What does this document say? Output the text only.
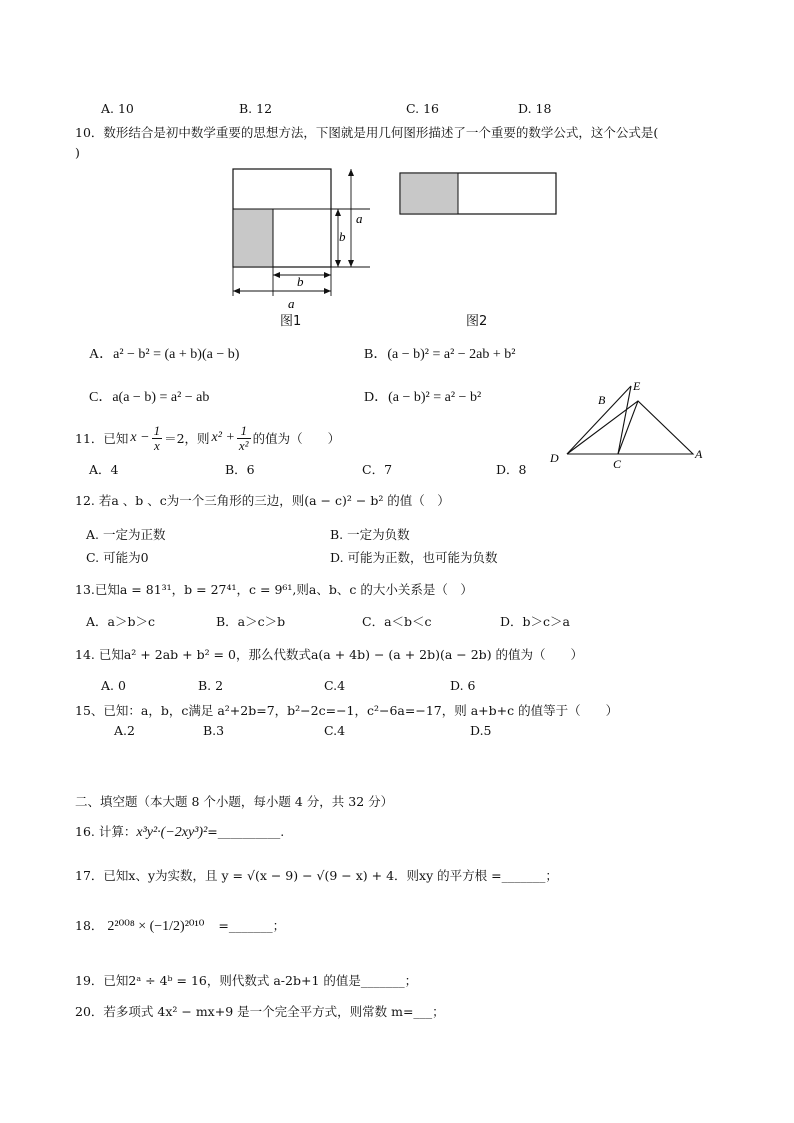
A. 10	B. 12	C. 16	D. 18
10．数形结合是初中数学重要的思想方法，下图就是用几何图形描述了一个重要的数学公式，这个公式是(
)
a
b
b
a
图1	图2
A．a² − b² = (a + b)(a − b)	B．(a − b)² = a² − 2ab + b²
C．a(a − b) = a² − ab	D．(a − b)² = a² − b²	B
E
D	C
A
11．已知 $x - \frac{1}{x} =2$，则 $x^2 + \frac{1}{\text{x²}}$ 的值为（　　）
A．4	B．6	C．7	D．8
12. 若a 、b 、c为一个三角形的三边，则(a − c)² − b² 的值（　）
A. 一定为正数	B. 一定为负数
C. 可能为0	D. 可能为正数，也可能为负数
13.已知a = 81³¹，b = 27⁴¹，c = 9⁶¹,则a、b、c 的大小关系是（　）
A．a＞b＞c	B．a＞c＞b	C．a＜b＜c	D．b＞c＞a
14. 已知a² + 2ab + b² = 0，那么代数式a(a + 4b) − (a + 2b)(a − 2b) 的值为（　　）
A. 0	B. 2	C.4	D. 6
15、已知：a，b，c满足 a²+2b=7，b²−2c=−1，c²−6a=−17，则 a+b+c 的值等于（　　）
A.2	B.3	C.4	D.5
二、填空题（本大题 8 个小题，每小题 4 分，共 32 分）
16. 计算：x³y²·(−2xy³)²=__________.
17．已知x、y为实数，且 y = √(x − 9) − √(9 − x) + 4．则xy 的平方根 =_______；
18． 2²⁰⁰⁸ × (−1/2)²⁰¹⁰ =_______；
19．已知2ᵃ ÷ 4ᵇ = 16，则代数式 a-2b+1 的值是_______；
20．若多项式 4x² − mx+9 是一个完全平方式，则常数 m=___；
